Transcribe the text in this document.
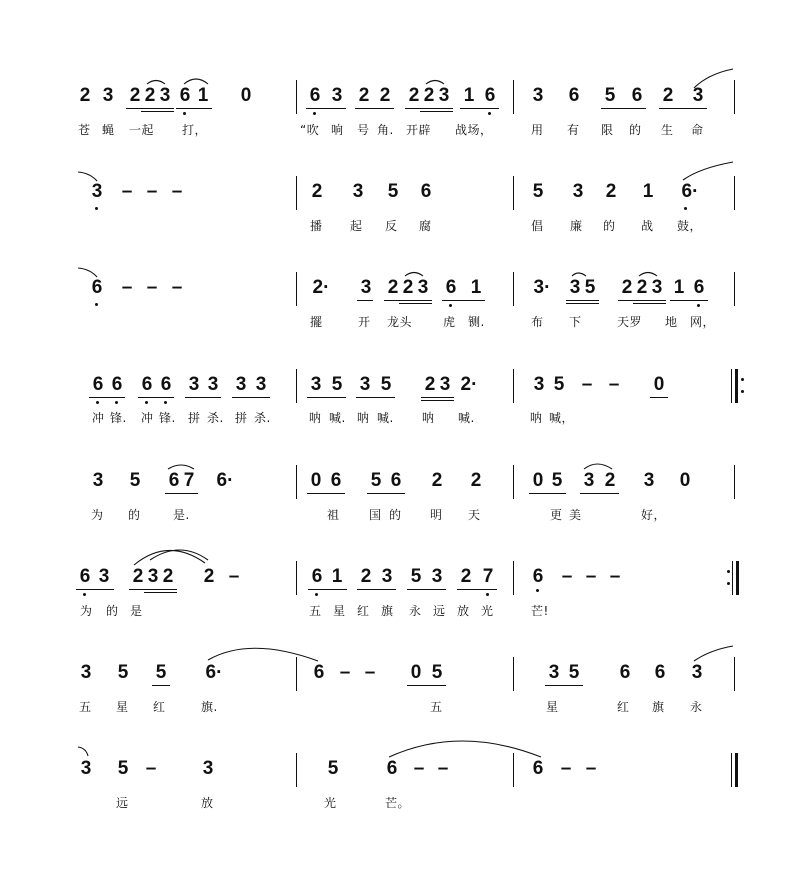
2 3 2 2 3 6 1 0	6 3 2 2 2 2 3 1 6 3 6 5 6 2 3
苍 蝇 一起 打，	“吹 响 号 角. 开辟 战场，	用 有 限 的 生 命
3 – – –	2 3 5 6	5 3 2 1 6·
播 起 反 腐	倡 廉 的 战 鼓，
6 – – –	2· 3 2 2 3 6 1	3· 3 5 2 2 3 1 6
擺	开 龙头	虎 铡.	布 下	天罗 地 网，
6 6 6 6 3 3 3 3 3 5 3 5 2 3 2·	3 5 – – 0
冲 锋. 冲 锋. 拼 杀. 拼 杀.	呐 喊. 呐 喊. 呐 喊.	呐 喊，
3 5 6 7 6·	0 6 5 6 2 2	0 5 3 2 3 0
为 的	是.	祖 国 的 明 天	更 美	好，
6 3 2 3 2 2 –	6 1 2 3 5 3 2 7 6 – – –
为 的 是	五 星 红 旗 永 远 放 光	芒!
3 5 5 6·	6 – – 0 5	3 5 6 6 3
五 星 红	旗.	五	星	红 旗 永
3 5 – 3	5	6 – –	6 – –
远	放	光	芒。
